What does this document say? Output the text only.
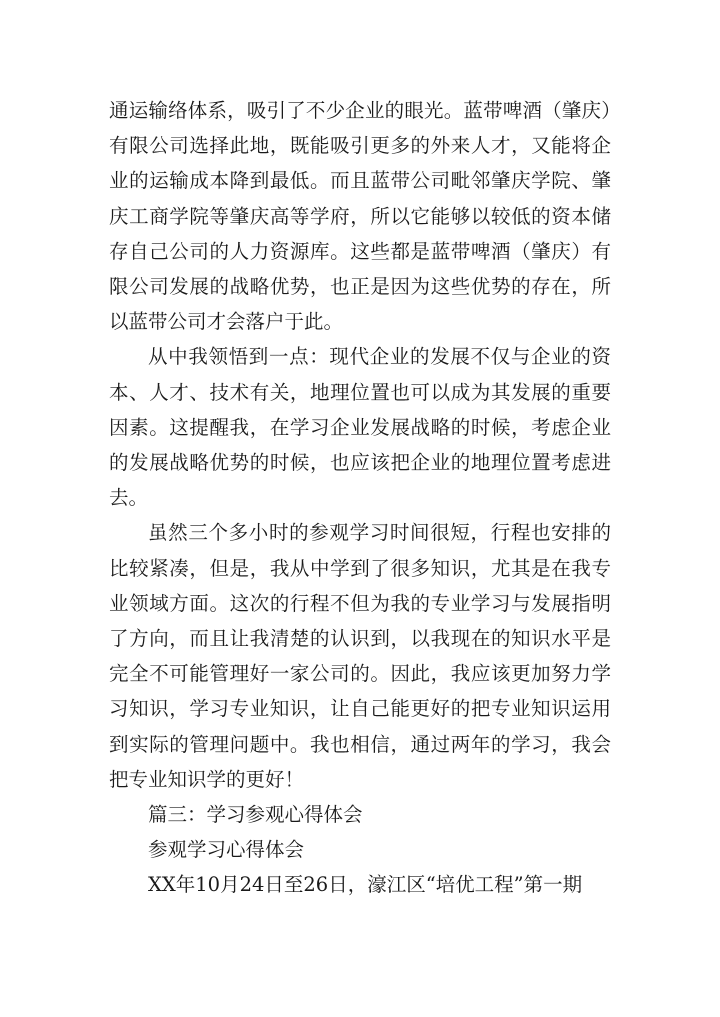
通运输络体系，吸引了不少企业的眼光。蓝带啤酒（肇庆）有限公司选择此地，既能吸引更多的外来人才，又能将企业的运输成本降到最低。而且蓝带公司毗邻肇庆学院、肇庆工商学院等肇庆高等学府，所以它能够以较低的资本储存自己公司的人力资源库。这些都是蓝带啤酒（肇庆）有限公司发展的战略优势，也正是因为这些优势的存在，所以蓝带公司才会落户于此。

从中我领悟到一点：现代企业的发展不仅与企业的资本、人才、技术有关，地理位置也可以成为其发展的重要因素。这提醒我，在学习企业发展战略的时候，考虑企业的发展战略优势的时候，也应该把企业的地理位置考虑进去。

虽然三个多小时的参观学习时间很短，行程也安排的比较紧凑，但是，我从中学到了很多知识，尤其是在我专业领域方面。这次的行程不但为我的专业学习与发展指明了方向，而且让我清楚的认识到，以我现在的知识水平是完全不可能管理好一家公司的。因此，我应该更加努力学习知识，学习专业知识，让自己能更好的把专业知识运用到实际的管理问题中。我也相信，通过两年的学习，我会把专业知识学的更好！

篇三：学习参观心得体会

参观学习心得体会

XX年10月24日至26日，濠江区“培优工程”第一期
